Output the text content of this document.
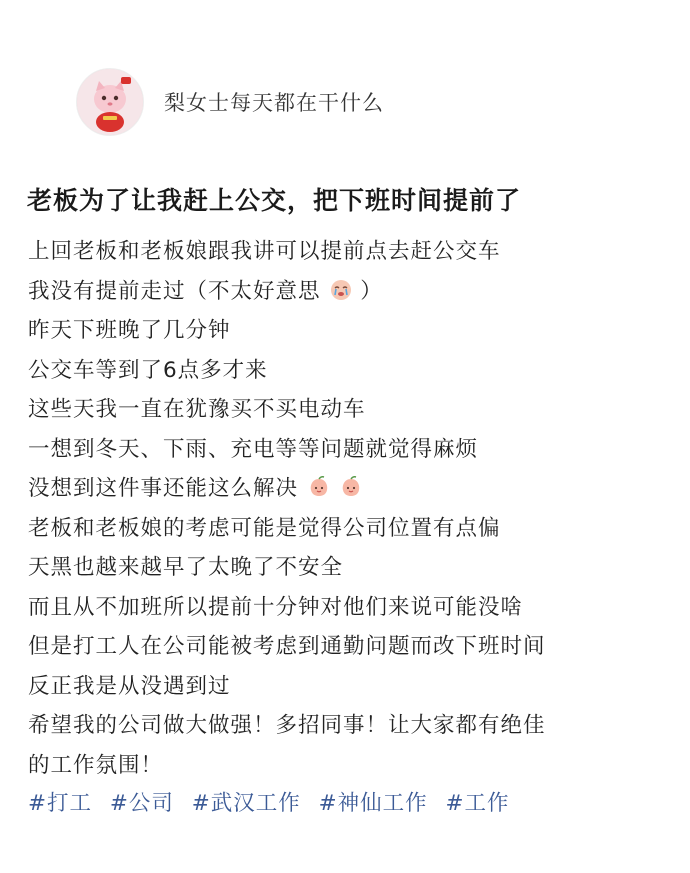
梨女士每天都在干什么
老板为了让我赶上公交，把下班时间提前了
上回老板和老板娘跟我讲可以提前点去赶公交车
我没有提前走过（不太好意思 ）
昨天下班晚了几分钟
公交车等到了6点多才来
这些天我一直在犹豫买不买电动车
一想到冬天、下雨、充电等等问题就觉得麻烦
没想到这件事还能这么解决
老板和老板娘的考虑可能是觉得公司位置有点偏
天黑也越来越早了太晚了不安全
而且从不加班所以提前十分钟对他们来说可能没啥
但是打工人在公司能被考虑到通勤问题而改下班时间
反正我是从没遇到过
希望我的公司做大做强！多招同事！让大家都有绝佳
的工作氛围！
#打工 #公司 #武汉工作 #神仙工作 #工作
